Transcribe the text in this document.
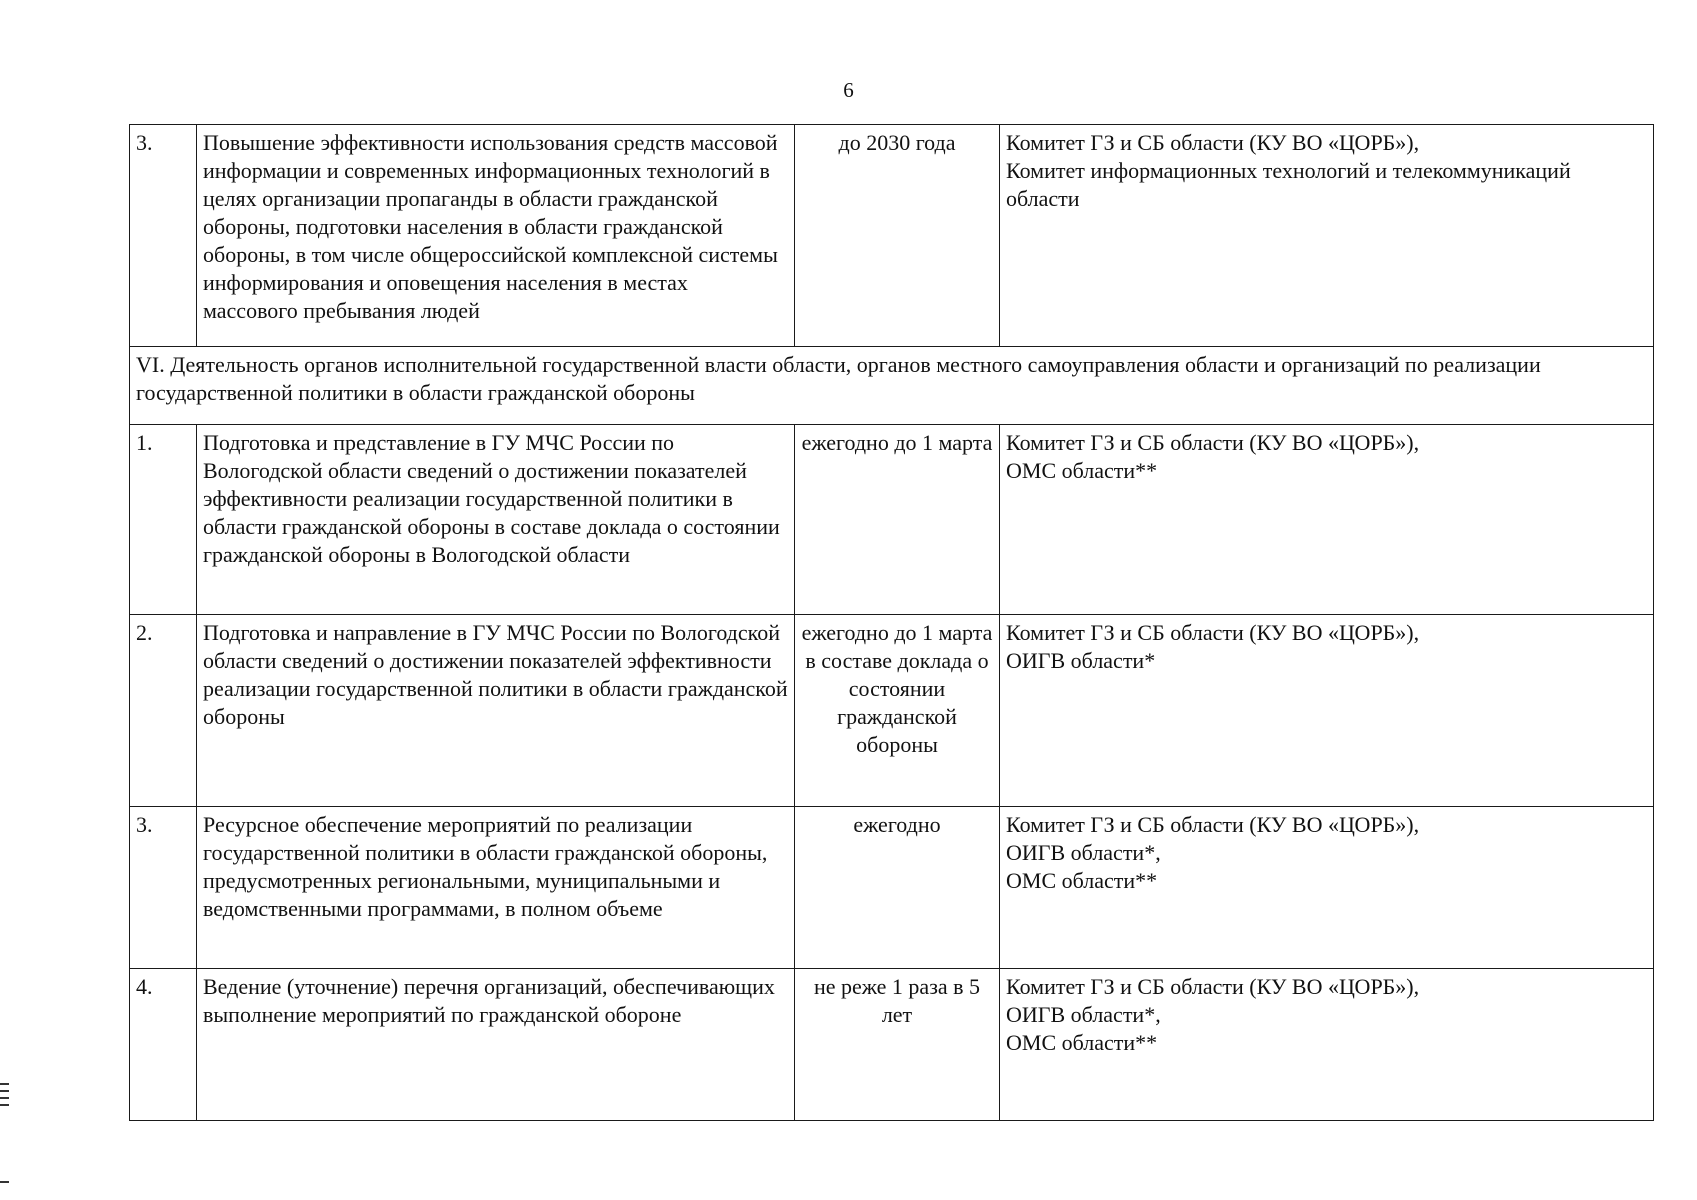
6
3.	Повышение эффективности использования средств массовой информации и современных информационных технологий в целях организации пропаганды в области гражданской обороны, подготовки населения в области гражданской обороны, в том числе общероссийской комплексной системы информирования и оповещения населения в местах массового пребывания людей	до 2030 года	Комитет ГЗ и СБ области (КУ ВО «ЦОРБ»),
Комитет информационных технологий и телекоммуникаций области

VI. Деятельность органов исполнительной государственной власти области, органов местного самоуправления области и организаций по реализации государственной политики в области гражданской обороны			
1.	Подготовка и представление в ГУ МЧС России по Вологодской области сведений о достижении показателей эффективности реализации государственной политики в области гражданской обороны в составе доклада о состоянии гражданской обороны в Вологодской области	ежегодно до 1 марта	Комитет ГЗ и СБ области (КУ ВО «ЦОРБ»),
ОМС области**

2.	Подготовка и направление в ГУ МЧС России по Вологодской области сведений о достижении показателей эффективности реализации государственной политики в области гражданской обороны	ежегодно до 1 марта в составе доклада о состоянии гражданской обороны	Комитет ГЗ и СБ области (КУ ВО «ЦОРБ»),
ОИГВ области*

3.	Ресурсное обеспечение мероприятий по реализации государственной политики в области гражданской обороны, предусмотренных региональными, муниципальными и ведомственными программами, в полном объеме	ежегодно	Комитет ГЗ и СБ области (КУ ВО «ЦОРБ»),
ОИГВ области*,
ОМС области**

4.	Ведение (уточнение) перечня организаций, обеспечивающих выполнение мероприятий по гражданской обороне	не реже 1 раза в 5 лет	Комитет ГЗ и СБ области (КУ ВО «ЦОРБ»),
ОИГВ области*,
ОМС области**
